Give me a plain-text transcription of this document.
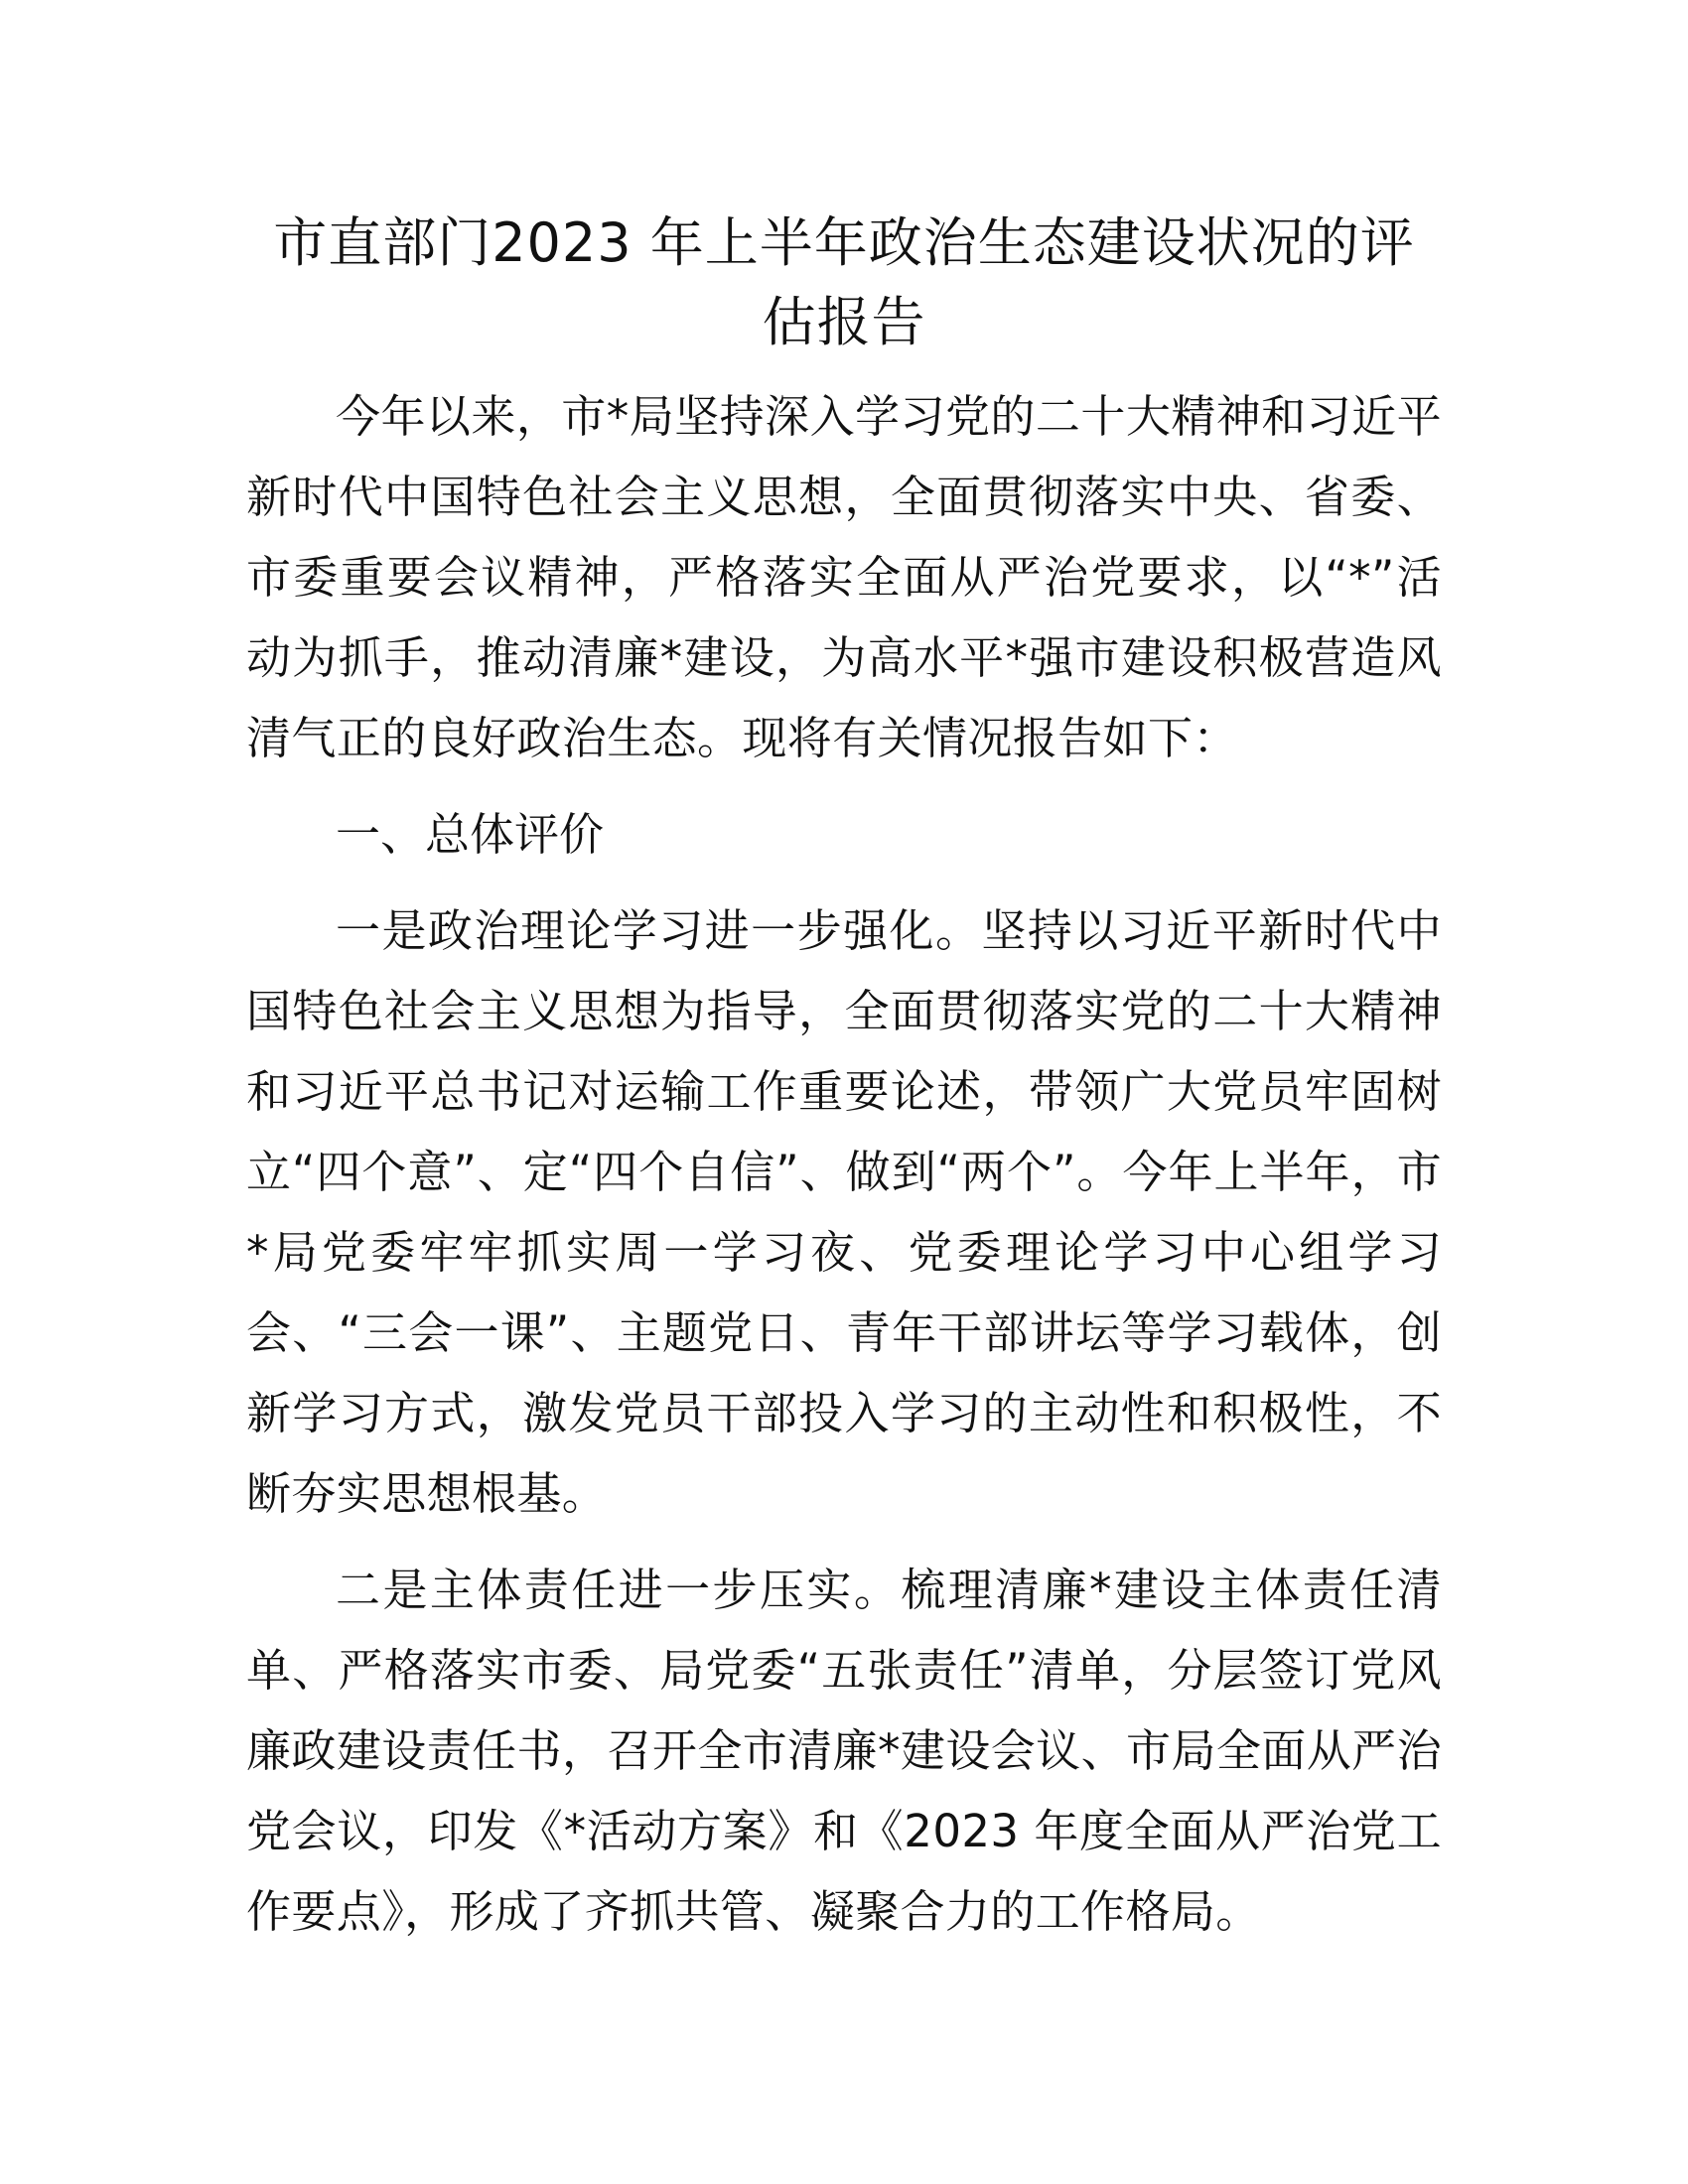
市直部门2023 年上半年政治生态建设状况的评估报告

今年以来，市*局坚持深入学习党的二十大精神和习近平新时代中国特色社会主义思想，全面贯彻落实中央、省委、市委重要会议精神，严格落实全面从严治党要求，以“*”活动为抓手，推动清廉*建设，为高水平*强市建设积极营造风清气正的良好政治生态。现将有关情况报告如下：

一、总体评价

一是政治理论学习进一步强化。坚持以习近平新时代中国特色社会主义思想为指导，全面贯彻落实党的二十大精神和习近平总书记对运输工作重要论述，带领广大党员牢固树立“四个意”、定“四个自信”、做到“两个”。今年上半年，市*局党委牢牢抓实周一学习夜、党委理论学习中心组学习会、“三会一课”、主题党日、青年干部讲坛等学习载体，创新学习方式，激发党员干部投入学习的主动性和积极性，不断夯实思想根基。

二是主体责任进一步压实。梳理清廉*建设主体责任清单、严格落实市委、局党委“五张责任”清单，分层签订党风廉政建设责任书，召开全市清廉*建设会议、市局全面从严治党会议，印发《*活动方案》和《2023 年度全面从严治党工作要点》，形成了齐抓共管、凝聚合力的工作格局。
